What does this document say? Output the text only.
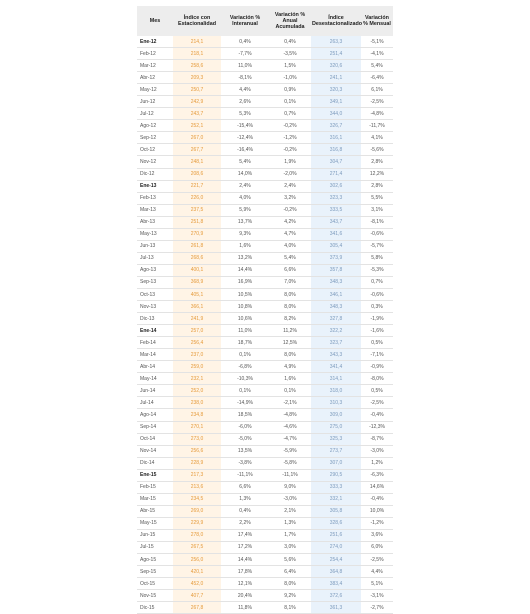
Mes	Índice con Estacionalidad	Variación % Interanual	Variación % Anual Acumulada	Índice Desestacionalizado	Variación % Mensual
Ene-12	214,1	0,4%	0,4%	263,3	-5,1%
Feb-12	218,1	-7,7%	-3,5%	251,4	-4,1%
Mar-12	258,6	11,0%	1,5%	320,6	5,4%
Abr-12	209,3	-8,1%	-1,0%	241,1	-6,4%
May-12	250,7	4,4%	0,9%	320,3	6,1%
Jun-12	242,9	2,6%	0,1%	349,1	-2,5%
Jul-12	243,7	5,3%	0,7%	344,0	-4,8%
Ago-12	252,1	-15,4%	-0,2%	326,7	-11,7%
Sep-12	267,0	-12,4%	-1,2%	316,1	4,1%
Oct-12	267,7	-16,4%	-0,2%	316,8	-5,6%
Nov-12	248,1	5,4%	1,9%	304,7	2,8%
Dic-12	208,6	14,0%	-2,0%	271,4	12,2%
Ene-13	221,7	2,4%	2,4%	302,6	2,8%
Feb-13	226,0	4,0%	3,2%	323,3	5,5%
Mar-13	237,5	5,9%	-0,2%	333,5	3,1%
Abr-13	251,8	13,7%	4,2%	343,7	-8,1%
May-13	270,9	9,3%	4,7%	341,6	-0,6%
Jun-13	261,8	1,6%	4,0%	305,4	-5,7%
Jul-13	268,6	13,2%	5,4%	373,9	5,8%
Ago-13	400,1	14,4%	6,6%	357,8	-5,3%
Sep-13	368,9	16,9%	7,0%	348,3	0,7%
Oct-13	405,1	10,5%	8,0%	346,1	-0,6%
Nov-13	366,1	10,8%	8,0%	348,3	0,3%
Dic-13	241,9	10,6%	8,2%	327,8	-1,9%
Ene-14	257,0	11,0%	11,2%	322,2	-1,6%
Feb-14	256,4	18,7%	12,5%	323,7	0,5%
Mar-14	237,0	0,1%	8,0%	343,3	-7,1%
Abr-14	259,0	-6,8%	4,9%	341,4	-0,9%
May-14	232,1	-10,3%	1,6%	314,1	-8,0%
Jun-14	252,0	0,1%	0,1%	318,0	0,5%
Jul-14	238,0	-14,9%	-2,1%	310,3	-2,5%
Ago-14	234,8	18,5%	-4,8%	309,0	-0,4%
Sep-14	270,1	-6,0%	-4,6%	275,0	-12,3%
Oct-14	273,0	-5,0%	-4,7%	325,3	-8,7%
Nov-14	256,6	13,5%	-5,9%	273,7	-3,0%
Dic-14	228,9	-3,8%	-5,8%	307,0	1,2%
Ene-15	217,3	-11,1%	-11,1%	290,5	-6,3%
Feb-15	213,6	6,6%	9,0%	333,3	14,6%
Mar-15	234,5	1,3%	-3,0%	332,1	-0,4%
Abr-15	269,0	0,4%	2,1%	305,8	10,0%
May-15	229,9	2,2%	1,3%	328,6	-1,2%
Jun-15	278,0	17,4%	1,7%	251,6	3,6%
Jul-15	267,5	17,2%	3,0%	274,0	6,0%
Ago-15	256,0	14,4%	5,6%	254,4	-2,5%
Sep-15	420,1	17,8%	6,4%	364,8	4,4%
Oct-15	452,0	12,1%	8,0%	383,4	5,1%
Nov-15	407,7	20,4%	9,2%	372,6	-3,1%
Dic-15	267,8	11,8%	8,1%	361,3	-2,7%
